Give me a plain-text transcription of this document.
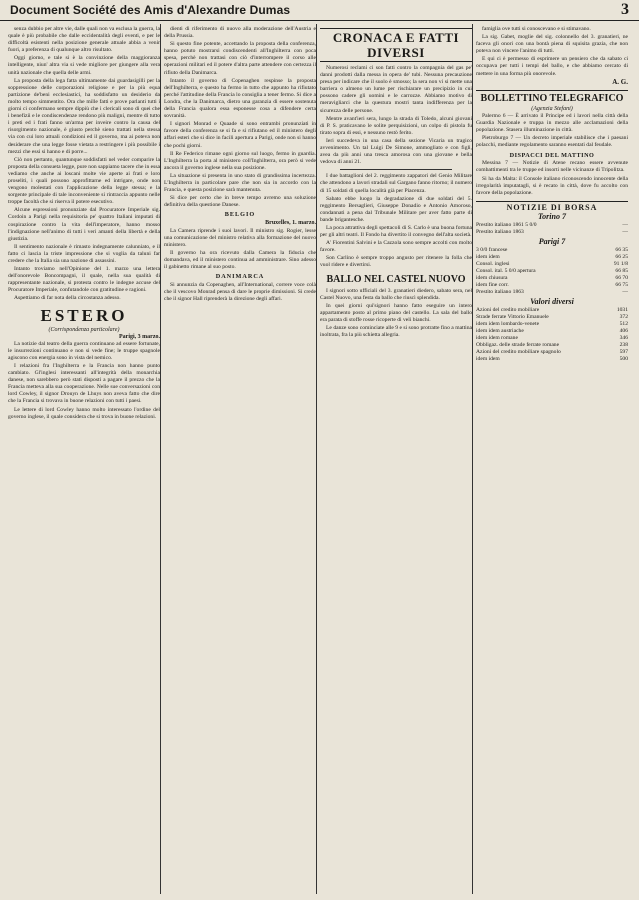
Document Société des Amis d'Alexandre Dumas	3

senza dubbio per altre vie, dalle quali non va esclusa la guerra, la quale è più probabile che dalle eccidentalità degli eventi, e per le difficoltà esistenti nella posizione generale attuale abbia a venir fuori, a preferenza di qualunque altro risultato.

Oggi giorno, e tale si è la convinzione della maggioranza intelligente, niun' altra via si vede migliore per giungere alla vera unità nazionale che quella delle armi.

La proposta della lega fatta ultimamente dai guardasigilli per la soppressione delle corporazioni religiose e per la più equa partizione de'beni ecclesiastici, ha soddisfatto un desiderio da molto tempo simmentito. Ora che mille fatti e prove parlanti tutti i giorni ci confermano sempre dippiù che i clericali sono di quei che i benefizii e le condiscendenze rendono più maligni, mentre di tutto i preti ed i frati fanno un'arma per inveire contro la causa del risorgimento nazionale, è giusto perchè sieno trattati nella stessa via con cui loro attuali condizioni ed il governo, ma ai poteva non desiderare che una legge fosse vietata a restringere i più possibile i mezzi che essi si hanno e di porre...

Ciò non pertanto, quantunque soddisfatti nel veder comparire la proposta della consueta legge, pure non sappiamo tacere che in essa vediamo che anche ai loscani molte vie aperte ai frati e loro proseliti, i quali possono approfittarne ed intrigare, onde non vengono molestati con l'applicazione della legge stessa; e la sorgente principale di tale inconveniente si rintraccia appunto nelle troppe facoltà che si riserva il potere esecutivo.

Alcune espressioni pronunziate dal Procuratore Imperiale sig. Cordoin a Parigi nella requisitoria pe' quattro Italiani imputati di cospirazione contro la vita dell'imperatore, hanno mosso l'indignazione nell'animo di tutti i veri amanti della libertà e della giustizia.

Il sentimento nazionale è rimasto indegnamente calunniato, e il fatto ci lascia la triste impressione che si voglia da taluni far credere che la Italia sia una nazione di assassini.

Intanto troviamo nell'Opinione del 1. marzo una lettera dell'onorevole Boncompagni, il quale, nella sua qualità di rappresentante nazionale, si protesta contro le indegne accuse del Procuratore Imperiale, confutandole con gratitudine e ragioni.

Aspettiamo di far nota della circostanza adesso.

ESTERO
(Corrispondenza particolare)
Parigi, 3 marzo.

La notizie dal teatro della guerra continuano ad essere fortunate, le insurrezioni continuano e non si vede fine; le truppe spagnole agiscono con energia sono in vista del nemico.

I relazioni fra l'Inghilterra e la Francia non hanno punto cambiato. Gl'inglesi interessanti all'integrità della monarchia danese, non sarebbero però stati disposti a pagare il prezzo che la Francia metteva alla sua cooperazione. Nelle sue conversazioni con lord Cowley, il signor Drouyn de Lhuys non aveva fatto che dire che la Francia si trovava in buone relazioni con tutti i paesi.

Le lettere di lord Cowley hanno molto interessato l'ordine del governo inglese, il quale considera che si trova in buone relazioni.

dienti di riferimento di nuovo alla moderazione dell'Austria e della Prussia.

Si questo fine potente, accettando la proposta della conferenza, hanno potuto mostrarsi condiscendenti all'Inghilterra con poca spesa, perchè non trattasi con ciò d'interrompere il corso alle operazioni militari ed il potere d'altra parte attendere con certezza il rifiuto della Danimarca.

Intanto il governo di Copenaghen respinse la proposta dell'Inghilterra, e questo ha fermo in tutto che appunto ha rifiutato perché l'attitudine della Francia lo consiglia a tener fermo. Si dice a Londra, che la Danimarca, dietro una garanzia di essere sostenuta della Francia qualora essa esponesse cosa a difendere certa sovranità.

I signori Monrad e Quaade si sono entrambi pronunziati in favore della conferenza se si fa e si rifiutano ed il ministero degli affari esteri che si dice in facili apertura a Parigi, onde non si hanno che pochi giorni.

Il Re Federico rimane ogni giorno sul luogo, fermo in guardia. L'Inghilterra la porta al ministero coll'Inghilterra, ora però si vede ancora il governo inglese nella sua posizione.

La situazione si presenta in uno stato di grandissima incertezza. L'Inghilterra in particolare pare che non sia in accordo con la Francia, e questa posizione sarà mantenuta.

Si dice per certo che in breve tempo avremo una soluzione definitiva della questione Danese.

BELGIO
Bruxelles, 1. marzo.

La Camera riprende i suoi lavori. Il ministro sig. Rogier, lesse una comunicazione del ministro relativa alla formazione del nuovo ministero.

Il governo ha ora ricevuto dalla Camera la fiducia che domandava, ed il ministero continua ad amministrare. Sino adesso il gabinetto rimane al suo posto.

DANIMARCA

Si annunzia da Copenaghen, all'International, correre voce colà che il vescovo Monrad pensa di dare le proprie dimissioni. Si crede che il signor Hall riprenderà la direzione degli affari.

CRONACA E FATTI DIVERSI

Numerosi reclami ci son fatti contro la compagnia del gas pe' danni prodotti dalla messa in opera de' tubi. Nessuna precauzione presa per indicare che il suolo è smosso; la sera non vi si mette una barriera o almeno un lume per rischiarare un precipizio in cui possono cadere gli uomini e le carrozze. Abbiamo motivo di meravigliarci che la questura mostri tanta indifferenza per la sicurezza delle persone.

Mentre avant'ieri sera, lungo la strada di Toledo, alcuni giovani di P. S. praticavano le solite perquisizioni, un colpo di pistola fu tirato sopra di essi, e nessuno restò ferito.

Ieri succedeva in una casa della sezione Vicaria un tragico avvenimento. Un tal Luigi De Simone, ammogliato e con figli, avea da più anni una tresca amorosa con una giovane e bella vedova di anni 21.

I due battaglioni del 2. reggimento zappatori del Genio Militare che attendono a lavori stradali sul Gargano fanno ritorno; il numero di 15 soldati di quella località già per Piacenza.

Sabato ebbe luogo la degradazione di due soldati del 5. reggimento Bersaglieri, Giuseppe Donadio e Antonio Amoroso, condannati a pena dal Tribunale Militare per aver fatto parte di bande brigantesche.

La poca attrattiva degli spettacoli di S. Carlo è una buona fortuna per gli altri teatri. Il Fondo ha divertito il convegno dell'alta società.

A' Fiorentini Salvini e la Cazzola sono sempre accolti con molto favore.

Son Carlino è sempre troppo angusto per ritenere la folla che vuol ridere e divertirsi.

BALLO NEL CASTEL NUOVO

I signori sotto ufficiali del 3. granatieri diedero, sabato sera, nel Castel Nuovo, una festa da ballo che riuscì splendida.

In quei giorni qui'signori hanno fatto eseguire un intero appartamento posto al primo piano del castello. La sala del ballo era parata di stoffe rosse ricoperte di veli bianchi.

Le danze sono cominciate alle 9 e si sono protratte fino a mattina inoltrata, fra la più schietta allegria.

famiglia ove tutti si conoscevano e si stimavano.

La sig. Gabet, moglie del sig. colonnello del 3. granatieri, ne faceva gli onori con una bontà piena di squisita grazia, che non poteva non vincere l'animo di tutti.

E qui ci è permesso di esprimere un pensiero che da sabato ci occupava per tutti i tempi del ballo, e che abbiamo cercato di mettere in una forma più onorevole.

A. G.
BOLLETTINO TELEGRAFICO
(Agenzia Stefani)

Palermo 6 — È arrivato il Principe ed i lavori nella città della Guardia Nazionale e truppa in mezzo alle acclamazioni della popolazione. Stasera illuminazione in città.

Pietroburgo 7 — Un decreto imperiale stabilisce che i paesani polacchi, mediante regolamento saranno esentati dal feudale.

DISPACCI DEL MATTINO

Messina 7 — Notizie di Atene recano essere avvenute combattimenti tra le truppe ed insorti nelle vicinanze di Tripolitza.

Si ha da Malta: il Console italiano riconoscendo innocente della irregolarità imputatagli, si è recato in città, dove fu accolto con favore della popolazione.

NOTIZIE DI BORSA
Torino 7
Prestito italiano 1861 5 0/0	—
Prestito italiano 1863	—
Parigi 7
3 0/0 francese	66 35
idem idem	66 25
Consol. inglesi	91 1/8
Consol. ital. 5 0/0 apertura	66 85
idem chiusura	66 70
idem fine corr.	66 75
Prestito italiano 1863	—
Valori diversi
Azioni del credito mobiliare	1031
Strade ferrate Vittorio Emanuele	372
idem idem lombardo-venete	512
idem idem austriache	406
idem idem romane	346
Obbligaz. delle strade ferrate romane	238
Azioni del credito mobiliare spagnolo	597
idem idem	500
